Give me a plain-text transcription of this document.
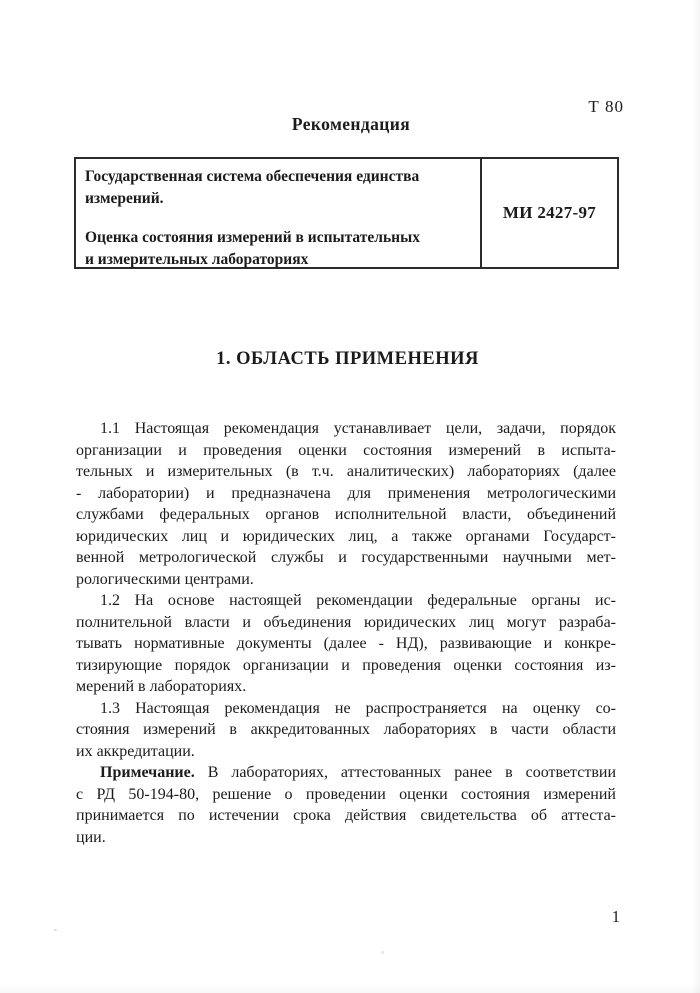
Т 80
Рекомендация
Государственная система обеспечения единства
измерений.
Оценка состояния измерений в испытательных
и измерительных лабораториях
МИ 2427-97
1. ОБЛАСТЬ ПРИМЕНЕНИЯ
1.1 Настоящая рекомендация устанавливает цели, задачи, порядок
организации и проведения оценки состояния измерений в испыта-
тельных и измерительных (в т.ч. аналитических) лабораториях (далее
- лаборатории) и предназначена для применения метрологическими
службами федеральных органов исполнительной власти, объединений
юридических лиц и юридических лиц, а также органами Государст-
венной метрологической службы и государственными научными мет-
рологическими центрами.
1.2 На основе настоящей рекомендации федеральные органы ис-
полнительной власти и объединения юридических лиц могут разраба-
тывать нормативные документы (далее - НД), развивающие и конкре-
тизирующие порядок организации и проведения оценки состояния из-
мерений в лабораториях.
1.3 Настоящая рекомендация не распространяется на оценку со-
стояния измерений в аккредитованных лабораториях в части области
их аккредитации.
Примечание. В лабораториях, аттестованных ранее в соответствии
с РД 50-194-80, решение о проведении оценки состояния измерений
принимается по истечении срока действия свидетельства об аттеста-
ции.
1
